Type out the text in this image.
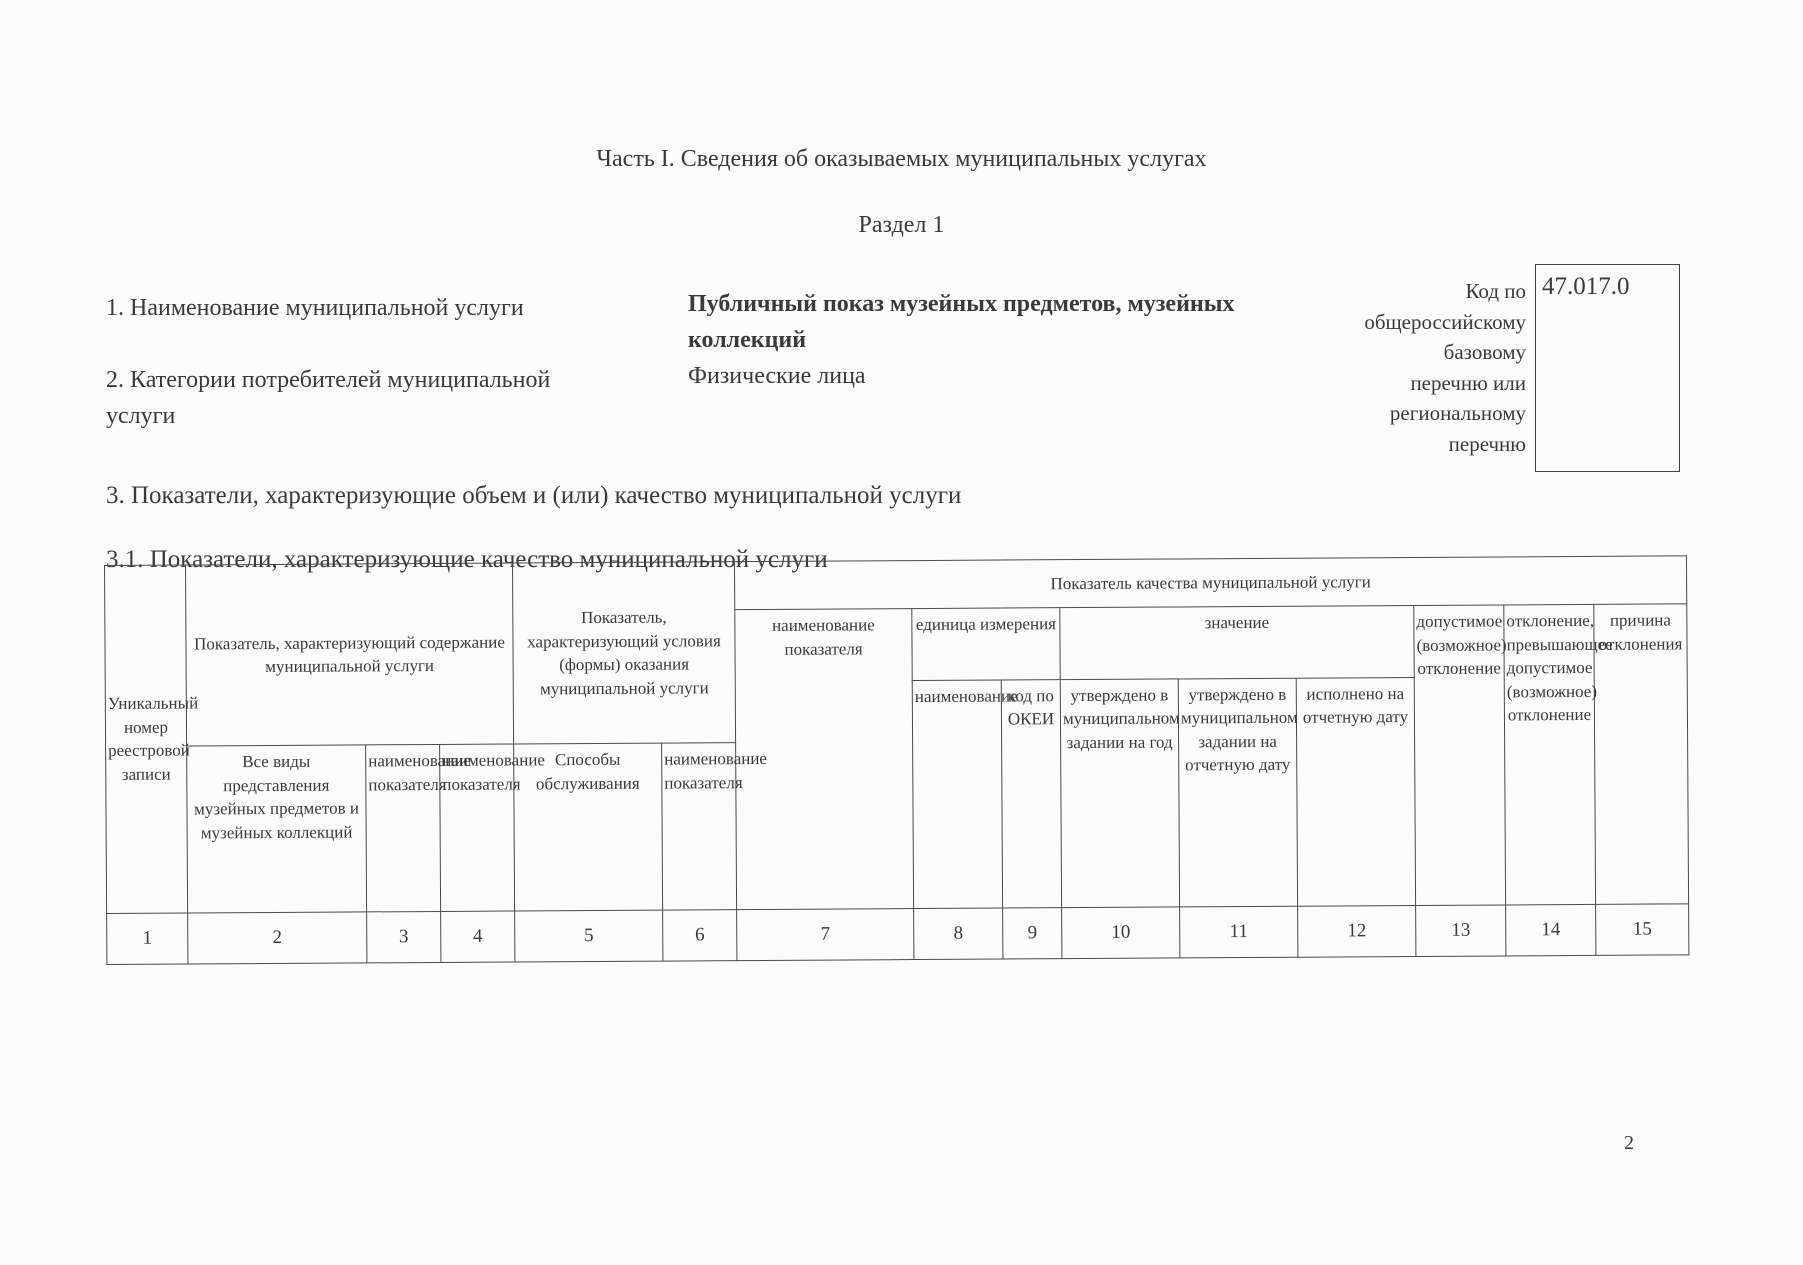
Часть I. Сведения об оказываемых муниципальных услугах
Раздел 1
1. Наименование муниципальной услуги	Публичный показ музейных предметов, музейных
коллекций
2. Категории потребителей муниципальной
услуги
Физические лица
Код по
общероссийскому
базовому
перечню или
региональному
перечню
47.017.0
3. Показатели, характеризующие объем и (или) качество муниципальной услуги
3.1. Показатели, характеризующие качество муниципальной услуги
Уникальный номер реестровой записи	Показатель, характеризующий содержание муниципальной услуги			Показатель, характеризующий условия (формы) оказания муниципальной услуги		Показатель качества муниципальной услуги								
						наименование показателя	единица измерения		значение			допустимое (возможное) отклонение	отклонение, превышающее допустимое (возможное) отклонение	причина отклонения
							наименование	код по ОКЕИ	утверждено в муниципальном задании на год	утверждено в муниципальном задании на отчетную дату	исполнено на отчетную дату			
	Все виды представления музейных предметов и музейных коллекций	наименование показателя	наименование показателя	Способы обслуживания	наименование показателя									
1	2	3	4	5	6	7	8	9	10	11	12	13	14	15
2
